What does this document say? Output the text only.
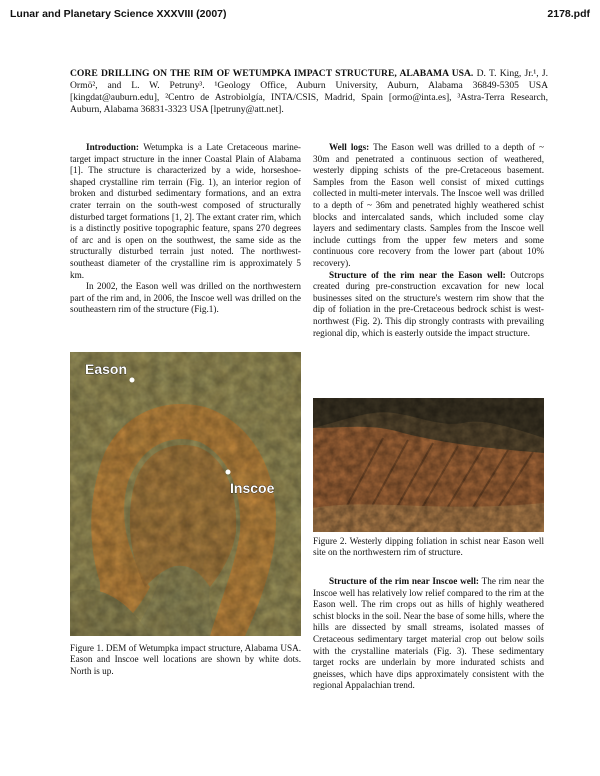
Lunar and Planetary Science XXXVIII (2007)	2178.pdf
CORE DRILLING ON THE RIM OF WETUMPKA IMPACT STRUCTURE, ALABAMA USA. D. T. King, Jr.¹, J. Ormö², and L. W. Petruny³. ¹Geology Office, Auburn University, Auburn, Alabama 36849-5305 USA [kingdat@auburn.edu], ²Centro de Astrobiolgía, INTA/CSIS, Madrid, Spain [ormo@inta.es], ³Astra-Terra Research, Auburn, Alabama 36831-3323 USA [lpetruny@att.net].

Introduction: Wetumpka is a Late Cretaceous marine-target impact structure in the inner Coastal Plain of Alabama [1]. The structure is characterized by a wide, horseshoe-shaped crystalline rim terrain (Fig. 1), an interior region of broken and disturbed sedimentary formations, and an extra crater terrain on the south-west composed of structurally disturbed target formations [1, 2]. The extant crater rim, which is a distinctly positive topographic feature, spans 270 degrees of arc and is open on the southwest, the same side as the structurally disturbed terrain just noted. The northwest-southeast diameter of the crystalline rim is approximately 5 km.

In 2002, the Eason well was drilled on the northwestern part of the rim and, in 2006, the Inscoe well was drilled on the southeastern rim of the structure (Fig.1).

Eason
Inscoe
Figure 1. DEM of Wetumpka impact structure, Alabama USA. Eason and Inscoe well locations are shown by white dots. North is up.

Well logs: The Eason well was drilled to a depth of ~ 30m and penetrated a continuous section of weathered, westerly dipping schists of the pre-Cretaceous basement. Samples from the Eason well consist of mixed cuttings collected in multi-meter intervals. The Inscoe well was drilled to a depth of ~ 36m and penetrated highly weathered schist blocks and intercalated sands, which included some clay layers and sedimentary clasts. Samples from the Inscoe well include cuttings from the upper few meters and some continuous core recovery from the lower part (about 10% recovery).

Structure of the rim near the Eason well: Outcrops created during pre-construction excavation for new local businesses sited on the structure's western rim show that the dip of foliation in the pre-Cretaceous bedrock schist is west-northwest (Fig. 2). This dip strongly contrasts with prevailing regional dip, which is easterly outside the impact structure.

Figure 2. Westerly dipping foliation in schist near Eason well site on the northwestern rim of structure.

Structure of the rim near Inscoe well: The rim near the Inscoe well has relatively low relief compared to the rim at the Eason well. The rim crops out as hills of highly weathered schist blocks in the soil. Near the base of some hills, where the hills are dissected by small streams, isolated masses of Cretaceous sedimentary target material crop out below soils with the crystalline materials (Fig. 3). These sedimentary target rocks are underlain by more indurated schists and gneisses, which have dips approximately consistent with the regional Appalachian trend.
